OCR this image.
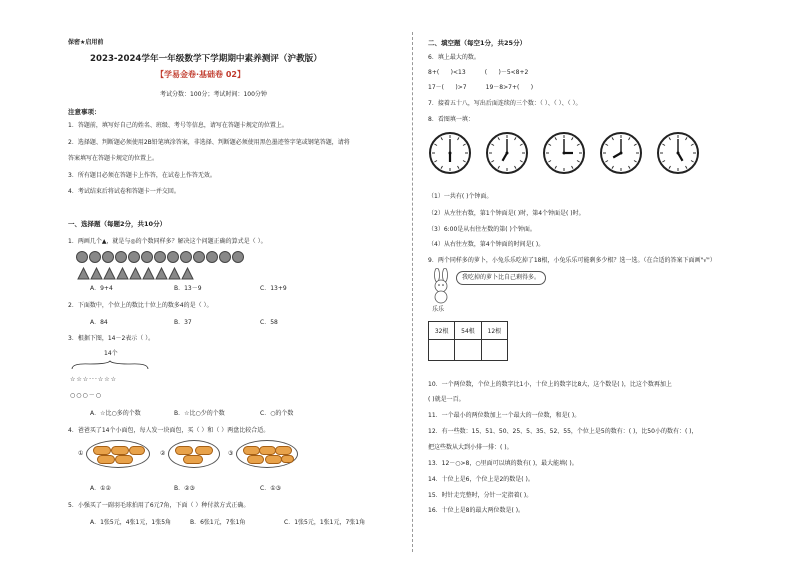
保密★启用前
2023-2024学年一年级数学下学期期中素养测评（沪教版）
【学易金卷·基础卷 02】
考试分数：100分；考试时间：100分钟
注意事项：
1．答题前，填写好自己的姓名、班级、考号等信息，请写在答题卡规定的位置上。
2．选择题、判断题必须使用2B铅笔填涂答案，非选择、判断题必须使用黑色墨迹签字笔或钢笔答题，请将
答案填写在答题卡规定的位置上。
3．所有题目必须在答题卡上作答，在试卷上作答无效。
4．考试结束后将试卷和答题卡一并交回。
一、选择题（每题2分，共10分）
1．两画几个▲，就是与◎的个数同样多？解决这个问题正确的算式是（ ）。
A．9+4	B．13－9	C．13+9
2．下面数中，个位上的数比十位上的数多4的是（ ）。
A．84	B．37	C．58
3．根据下图，14－2表示（ ）。
14个
☆☆☆···☆☆☆
○○○－○
A．☆比○多的个数	B．☆比○少的个数	C．○的个数
4．爸爸买了14个小面包，每人发一块面包，买（ ）和（ ）两盘比较合适。
①	②	③
A．①②	B．②③	C．①③
5．小强买了一副羽毛球拍用了6元7角，下面（ ）种付款方式正确。
A．1张5元，4张1元，1张5角	B．6张1元，7张1角	C．1张5元，1张1元，7张1角
二、填空题（每空1分，共25分）
6．填上最大的数。
8+(      )<13          (      )－5<8+2
17－(      )>7          19－8>7+(      )
7．接着五十八，写出后面连续的三个数：（ ）、（ ）、（ ）。
8．看图填一填：
（1）一共有( )个钟面。
（2）从左往右数，第1个钟面是( )时，第4个钟面是( )时。
（3）6:00是从右往左数的第( )个钟面。
（4）从右往左数，第4个钟面的时间是( )。
9．两个同样多的萝卜，小兔乐乐吃掉了18根，小兔乐乐可能剩多少根？选一选。（在合适的答案下面画"√"）
我吃掉的萝卜比自己剩得多。
乐乐
32根	54根	12根

10．一个两位数，个位上的数字比1小，十位上的数字比8大，这个数是( )，比这个数再加上
( )就是一百。
11．一个最小的两位数加上一个最大的一位数，和是( )。
12．有一些数：15、51、50、25、5、35、52、55，个位上是5的数有：( )，比50小的数有：( )，
把这些数从大到小排一排：( )。
13．12－○>8，○里面可以填的数有( )，最大能填( )。
14．十位上是6，个位上是2的数是( )。
15．时针走完整时，分针一定指着( )。
16．十位上是8的最大两位数是( )。
